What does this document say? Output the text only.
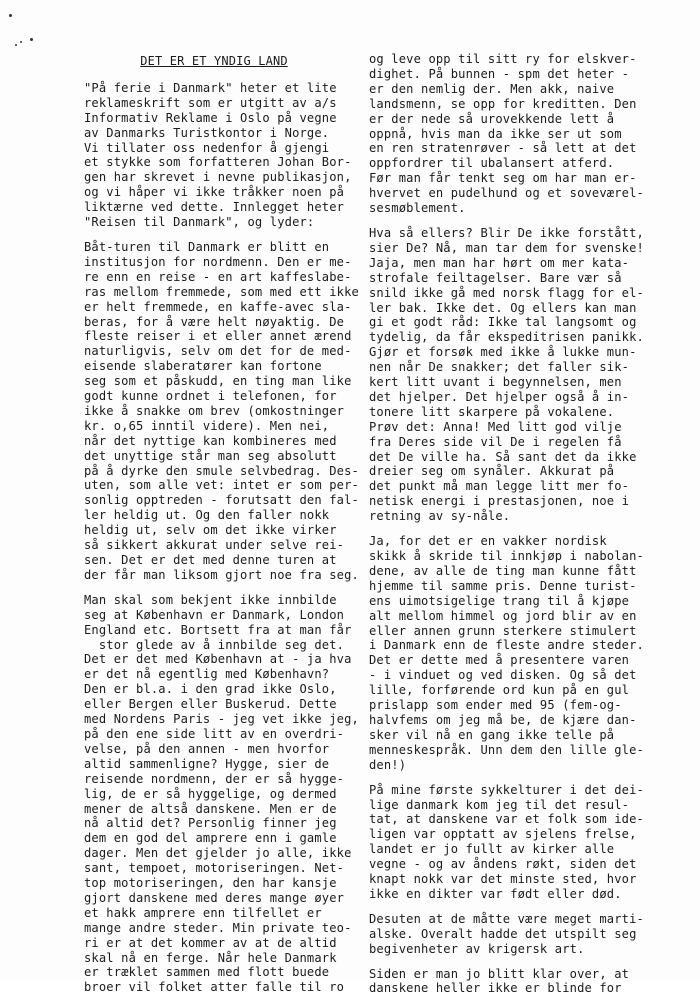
DET ER ET YNDIG LAND

"På ferie i Danmark" heter et lite
reklameskrift som er utgitt av a/s
Informativ Reklame i Oslo på vegne
av Danmarks Turistkontor i Norge.
Vi tillater oss nedenfor å gjengi
et stykke som forfatteren Johan Bor-
gen har skrevet i nevne publikasjon,
og vi håper vi ikke tråkker noen på
liktærne ved dette. Innlegget heter
"Reisen til Danmark", og lyder:

Båt-turen til Danmark er blitt en
institusjon for nordmenn. Den er me-
re enn en reise - en art kaffeslabe-
ras mellom fremmede, som med ett ikke
er helt fremmede, en kaffe-avec sla-
beras, for å være helt nøyaktig. De
fleste reiser i et eller annet ærend
naturligvis, selv om det for de med-
eisende slaberatører kan fortone
seg som et påskudd, en ting man like
godt kunne ordnet i telefonen, for
ikke å snakke om brev (omkostninger
kr. o,65 inntil videre). Men nei,
når det nyttige kan kombineres med
det unyttige står man seg absolutt
på å dyrke den smule selvbedrag. Des-
uten, som alle vet: intet er som per-
sonlig opptreden - forutsatt den fal-
ler heldig ut. Og den faller nokk
heldig ut, selv om det ikke virker
så sikkert akkurat under selve rei-
sen. Det er det med denne turen at
der får man liksom gjort noe fra seg.

Man skal som bekjent ikke innbilde
seg at København er Danmark, London
England etc. Bortsett fra at man får
stor glede av å innbilde seg det.
Det er det med København at - ja hva
er det nå egentlig med København?
Den er bl.a. i den grad ikke Oslo,
eller Bergen eller Buskerud. Dette
med Nordens Paris - jeg vet ikke jeg,
på den ene side litt av en overdri-
velse, på den annen - men hvorfor
altid sammenligne? Hygge, sier de
reisende nordmenn, der er så hygge-
lig, de er så hyggelige, og dermed
mener de altså danskene. Men er de
nå altid det? Personlig finner jeg
dem en god del amprere enn i gamle
dager. Men det gjelder jo alle, ikke
sant, tempoet, motoriseringen. Net-
top motoriseringen, den har kansje
gjort danskene med deres mange øyer
et hakk amprere enn tilfellet er
mange andre steder. Min private teo-
ri er at det kommer av at de altid
skal nå en ferge. Når hele Danmark
er træklet sammen med flott buede
broer vil folket atter falle til ro

og leve opp til sitt ry for elskver-
dighet. På bunnen - spm det heter -
er den nemlig der. Men akk, naive
landsmenn, se opp for kreditten. Den
er der nede så urovekkende lett å
oppnå, hvis man da ikke ser ut som
en ren stratenrøver - så lett at det
oppfordrer til ubalansert atferd.
Før man får tenkt seg om har man er-
hvervet en pudelhund og et soveværel-
sesmøblement.

Hva så ellers? Blir De ikke forstått,
sier De? Nå, man tar dem for svenske!
Jaja, men man har hørt om mer kata-
strofale feiltagelser. Bare vær så
snild ikke gå med norsk flagg for el-
ler bak. Ikke det. Og ellers kan man
gi et godt råd: Ikke tal langsomt og
tydelig, da får ekspeditrisen panikk.
Gjør et forsøk med ikke å lukke mun-
nen når De snakker; det faller sik-
kert litt uvant i begynnelsen, men
det hjelper. Det hjelper også å in-
tonere litt skarpere på vokalene.
Prøv det: Anna! Med litt god vilje
fra Deres side vil De i regelen få
det De ville ha. Så sant det da ikke
dreier seg om synåler. Akkurat på
det punkt må man legge litt mer fo-
netisk energi i prestasjonen, noe i
retning av sy-nåle.

Ja, for det er en vakker nordisk
skikk å skride til innkjøp i nabolan-
dene, av alle de ting man kunne fått
hjemme til samme pris. Denne turist-
ens uimotsigelige trang til å kjøpe
alt mellom himmel og jord blir av en
eller annen grunn sterkere stimulert
i Danmark enn de fleste andre steder.
Det er dette med å presentere varen
- i vinduet og ved disken. Og så det
lille, forførende ord kun på en gul
prislapp som ender med 95 (fem-og-
halvfems om jeg må be, de kjære dan-
sker vil nå en gang ikke telle på
menneskespråk. Unn dem den lille gle-
den!)

På mine første sykkelturer i det dei-
lige danmark kom jeg til det resul-
tat, at danskene var et folk som ide-
ligen var opptatt av sjelens frelse,
landet er jo fullt av kirker alle
vegne - og av åndens røkt, siden det
knapt nokk var det minste sted, hvor
ikke en dikter var født eller død.

Desuten at de måtte være meget marti-
alske. Overalt hadde det utspilt seg
begivenheter av krigersk art.

Siden er man jo blitt klar over, at
danskene heller ikke er blinde for
